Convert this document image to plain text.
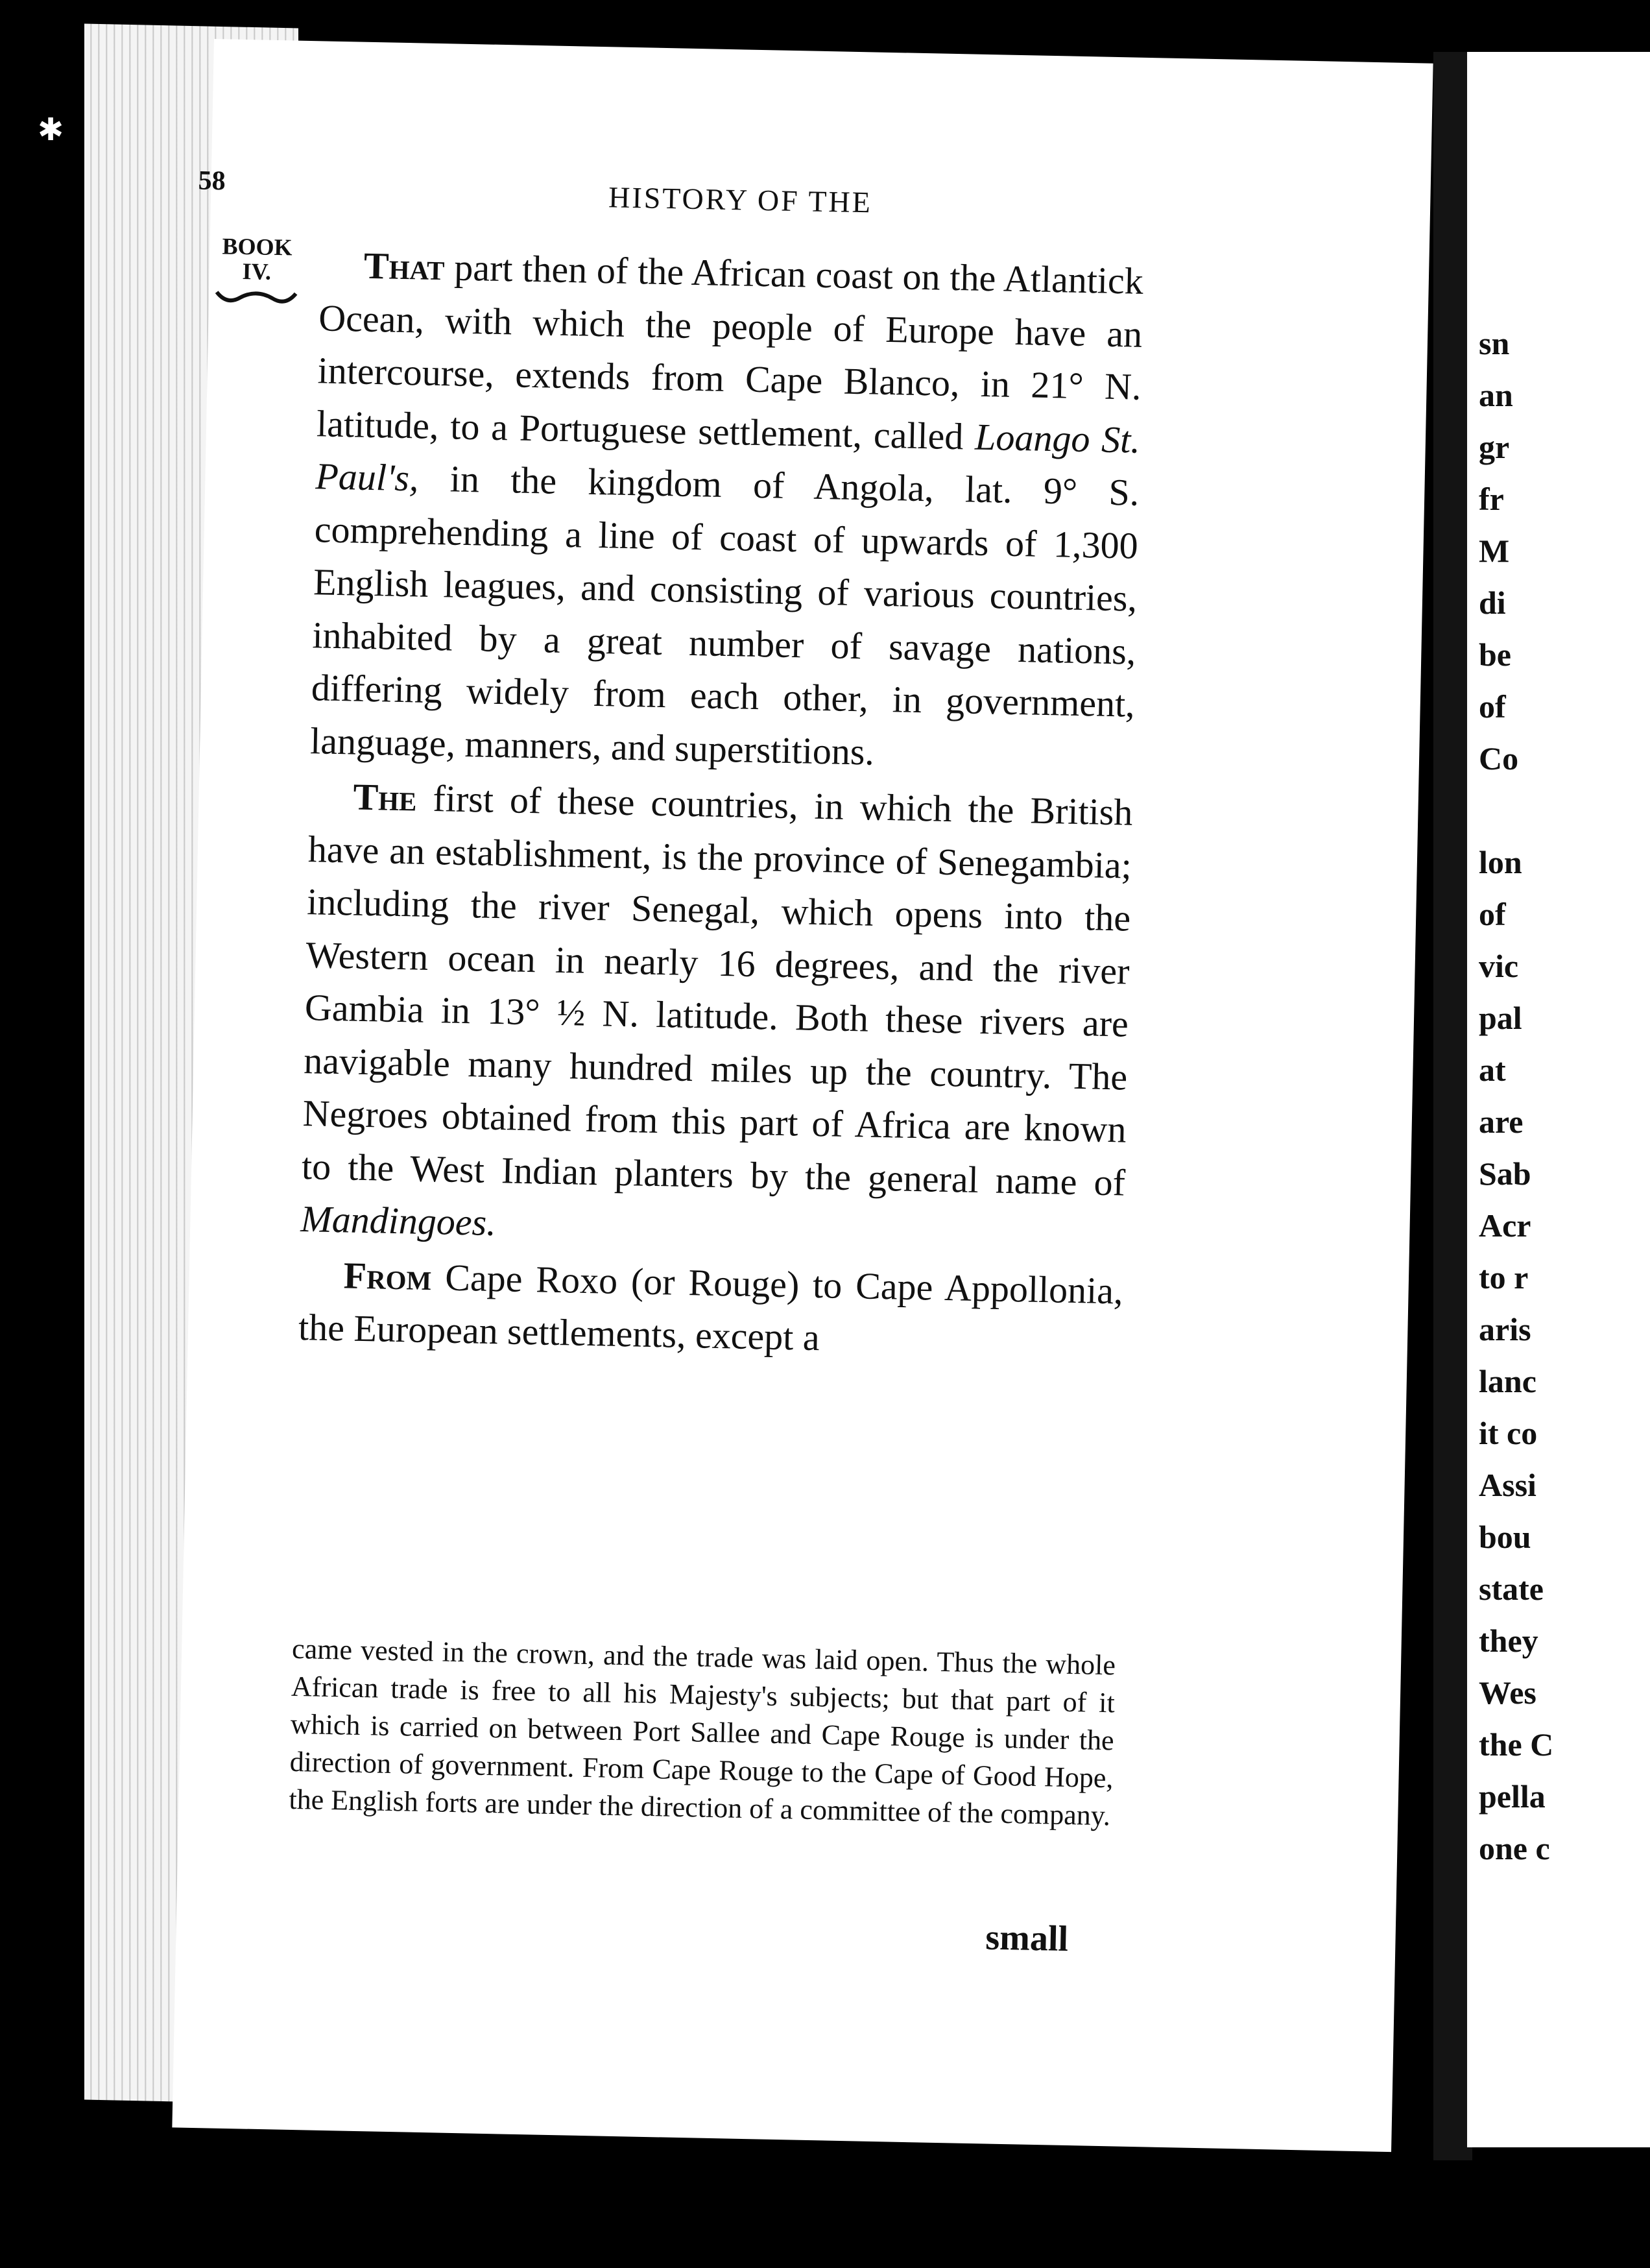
58	HISTORY OF THE
BOOK
IV.	That part then of the African coast on the Atlantick Ocean, with which the people of Europe have an intercourse, extends from Cape Blanco, in 21° N. latitude, to a Portuguese settlement, called Loango St. Paul's, in the kingdom of Angola, lat. 9° S. comprehending a line of coast of upwards of 1,300 English leagues, and consisting of various countries, inhabited by a great number of savage nations, differing widely from each other, in government, language, manners, and superstitions.

The first of these countries, in which the British have an establishment, is the province of Senegambia; including the river Senegal, which opens into the Western ocean in nearly 16 degrees, and the river Gambia in 13° ½ N. latitude. Both these rivers are navigable many hundred miles up the country. The Negroes obtained from this part of Africa are known to the West Indian planters by the general name of Mandingoes.

From Cape Roxo (or Rouge) to Cape Appollonia, the European settlements, except a

came vested in the crown, and the trade was laid open. Thus the whole African trade is free to all his Majesty's subjects; but that part of it which is carried on between Port Sallee and Cape Rouge is under the direction of government. From Cape Rouge to the Cape of Good Hope, the English forts are under the direction of a committee of the company.
small
sn
an
gr
fr
M
di
be
of
Co
lon
of
vic
pal
at
are
Sab
Acr
to r
aris
lanc
it co
Assi
bou
state
they
Wes
the C
pella
one c
✱
